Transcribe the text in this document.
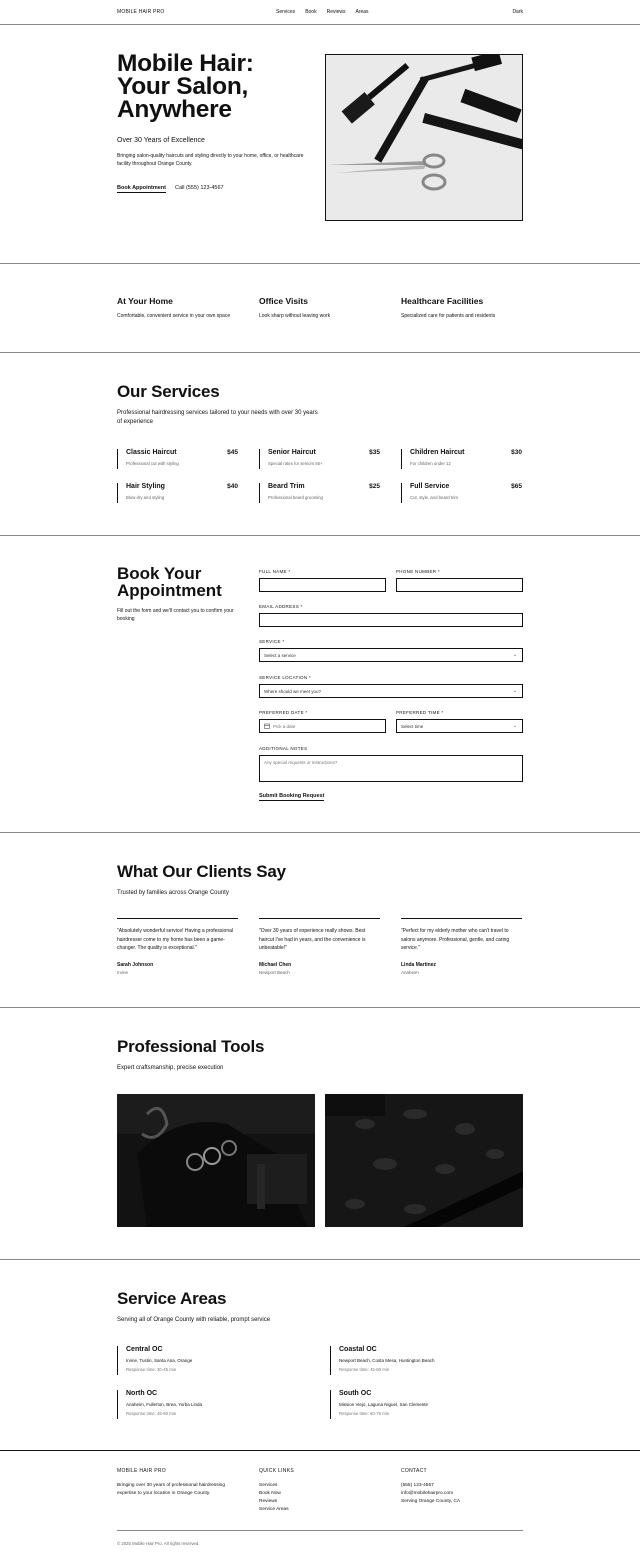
MOBILE HAIR PRO	Services Book Reviews Areas	Dark
Mobile Hair: Your Salon, Anywhere
Over 30 Years of Excellence
Bringing salon-quality haircuts and styling directly to your home, office, or healthcare facility throughout Orange County.
Book Appointment Call (555) 123-4567
At Your Home

Comfortable, convenient service in your own space

Office Visits

Look sharp without leaving work

Healthcare Facilities

Specialized care for patients and residents

Our Services
Professional hairdressing services tailored to your needs with over 30 years of experience
Classic Haircut	$45
Professional cut with styling
Senior Haircut	$35
Special rates for seniors 65+
Children Haircut	$30
For children under 12
Hair Styling	$40
Blow dry and styling
Beard Trim	$25
Professional beard grooming
Full Service	$65
Cut, style, and beard trim
Book Your Appointment
Fill out the form and we'll contact you to confirm your booking
FULL NAME *	PHONE NUMBER *
EMAIL ADDRESS *
SERVICE *
Select a service	⌄
SERVICE LOCATION *
Where should we meet you?	⌄
PREFERRED DATE *
Pick a date
PREFERRED TIME *
Select time	⌄
ADDITIONAL NOTES
Any special requests or instructions?
Submit Booking Request
What Our Clients Say
Trusted by families across Orange County
"Absolutely wonderful service! Having a professional hairdresser come to my home has been a game-changer. The quality is exceptional."
Sarah Johnson
Irvine
"Over 30 years of experience really shows. Best haircut I've had in years, and the convenience is unbeatable!"
Michael Chen
Newport Beach
"Perfect for my elderly mother who can't travel to salons anymore. Professional, gentle, and caring service."
Linda Martinez
Anaheim
Professional Tools
Expert craftsmanship, precise execution
Service Areas
Serving all of Orange County with reliable, prompt service
Central OC
Irvine, Tustin, Santa Ana, Orange
Response time: 30-45 min
Coastal OC
Newport Beach, Costa Mesa, Huntington Beach
Response time: 45-60 min
North OC
Anaheim, Fullerton, Brea, Yorba Linda
Response time: 45-60 min
South OC
Mission Viejo, Laguna Niguel, San Clemente
Response time: 60-75 min
MOBILE HAIR PRO
Bringing over 30 years of professional hairdressing expertise to your location in Orange County.
QUICK LINKS
Services
Book Now
Reviews
Service Areas
CONTACT
(555) 123-4567
info@mobilehairpro.com
Serving Orange County, CA
© 2025 Mobile Hair Pro. All rights reserved.
